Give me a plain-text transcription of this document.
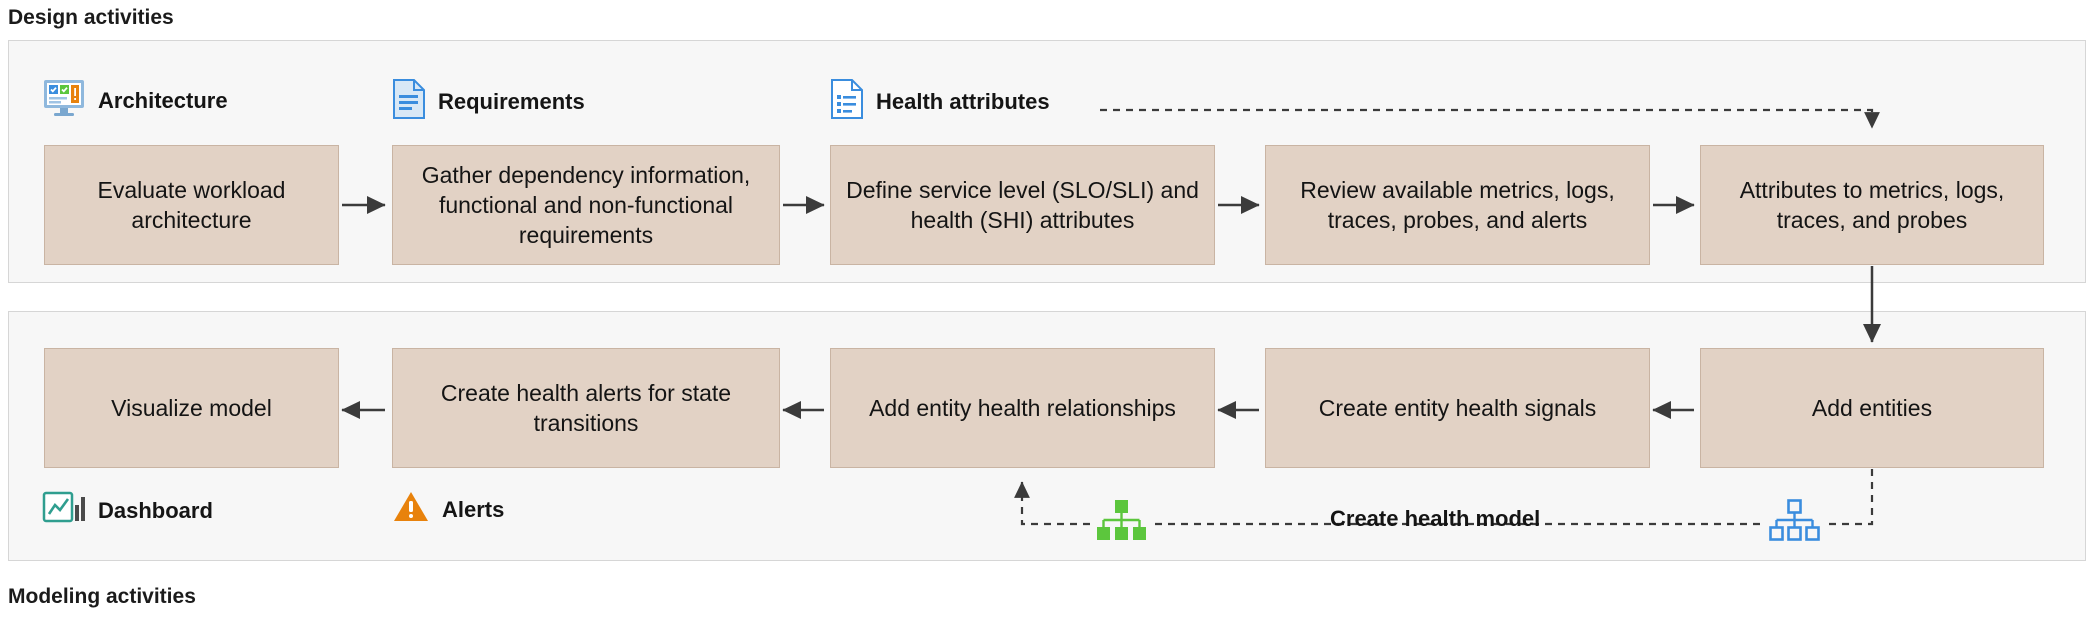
Design activities
Modeling activities
Architecture	Requirements	Health attributes
Evaluate workload architecture
Gather dependency information, functional and non-functional requirements
Define service level (SLO/SLI) and health (SHI) attributes
Review available metrics, logs, traces, probes, and alerts
Attributes to metrics, logs, traces, and probes
Visualize model
Create health alerts for state transitions
Add entity health relationships	Create entity health signals	Add entities
Dashboard	Alerts	Create health model
